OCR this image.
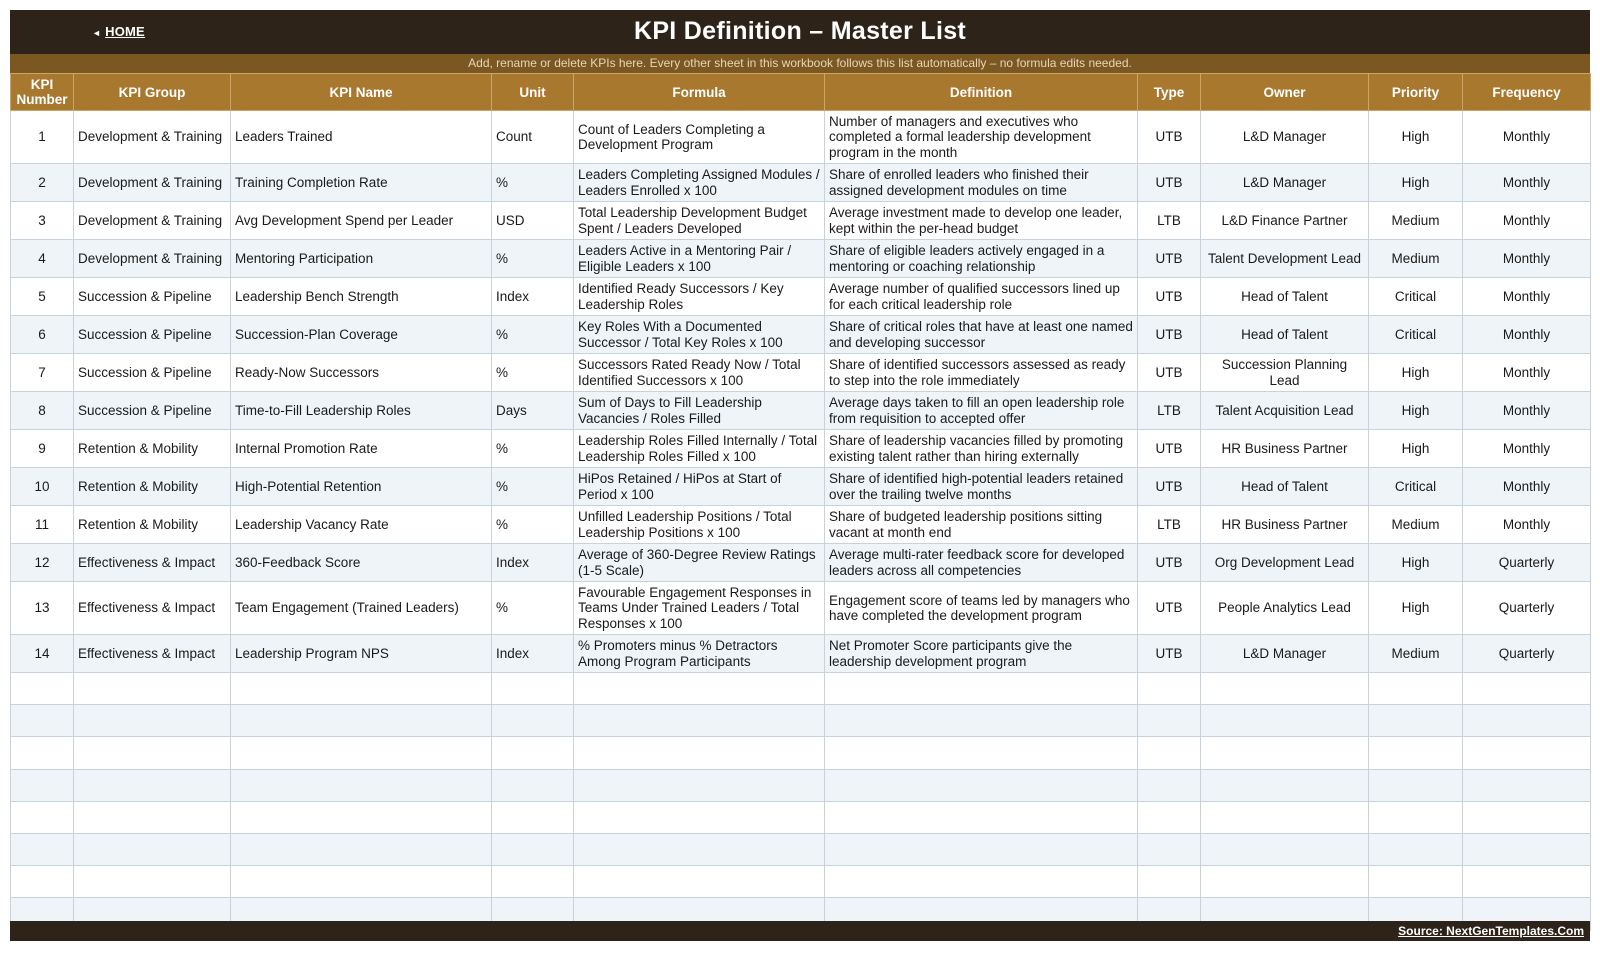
◄ HOME	KPI Definition – Master List
Add, rename or delete KPIs here. Every other sheet in this workbook follows this list automatically – no formula edits needed.
KPI Number	KPI Group	KPI Name	Unit	Formula	Definition	Type	Owner	Priority	Frequency
1	Development & Training	Leaders Trained	Count	Count of Leaders Completing a Development Program	Number of managers and executives who completed a formal leadership development program in the month	UTB	L&D Manager	High	Monthly
2	Development & Training	Training Completion Rate	%	Leaders Completing Assigned Modules / Leaders Enrolled x 100	Share of enrolled leaders who finished their assigned development modules on time	UTB	L&D Manager	High	Monthly
3	Development & Training	Avg Development Spend per Leader	USD	Total Leadership Development Budget Spent / Leaders Developed	Average investment made to develop one leader, kept within the per-head budget	LTB	L&D Finance Partner	Medium	Monthly
4	Development & Training	Mentoring Participation	%	Leaders Active in a Mentoring Pair / Eligible Leaders x 100	Share of eligible leaders actively engaged in a mentoring or coaching relationship	UTB	Talent Development Lead	Medium	Monthly
5	Succession & Pipeline	Leadership Bench Strength	Index	Identified Ready Successors / Key Leadership Roles	Average number of qualified successors lined up for each critical leadership role	UTB	Head of Talent	Critical	Monthly
6	Succession & Pipeline	Succession-Plan Coverage	%	Key Roles With a Documented Successor / Total Key Roles x 100	Share of critical roles that have at least one named and developing successor	UTB	Head of Talent	Critical	Monthly
7	Succession & Pipeline	Ready-Now Successors	%	Successors Rated Ready Now / Total Identified Successors x 100	Share of identified successors assessed as ready to step into the role immediately	UTB	Succession Planning Lead	High	Monthly
8	Succession & Pipeline	Time-to-Fill Leadership Roles	Days	Sum of Days to Fill Leadership Vacancies / Roles Filled	Average days taken to fill an open leadership role from requisition to accepted offer	LTB	Talent Acquisition Lead	High	Monthly
9	Retention & Mobility	Internal Promotion Rate	%	Leadership Roles Filled Internally / Total Leadership Roles Filled x 100	Share of leadership vacancies filled by promoting existing talent rather than hiring externally	UTB	HR Business Partner	High	Monthly
10	Retention & Mobility	High-Potential Retention	%	HiPos Retained / HiPos at Start of Period x 100	Share of identified high-potential leaders retained over the trailing twelve months	UTB	Head of Talent	Critical	Monthly
11	Retention & Mobility	Leadership Vacancy Rate	%	Unfilled Leadership Positions / Total Leadership Positions x 100	Share of budgeted leadership positions sitting vacant at month end	LTB	HR Business Partner	Medium	Monthly
12	Effectiveness & Impact	360-Feedback Score	Index	Average of 360-Degree Review Ratings (1-5 Scale)	Average multi-rater feedback score for developed leaders across all competencies	UTB	Org Development Lead	High	Quarterly
13	Effectiveness & Impact	Team Engagement (Trained Leaders)	%	Favourable Engagement Responses in Teams Under Trained Leaders / Total Responses x 100	Engagement score of teams led by managers who have completed the development program	UTB	People Analytics Lead	High	Quarterly
14	Effectiveness & Impact	Leadership Program NPS	Index	% Promoters minus % Detractors Among Program Participants	Net Promoter Score participants give the leadership development program	UTB	L&D Manager	Medium	Quarterly

Source: NextGenTemplates.Com
